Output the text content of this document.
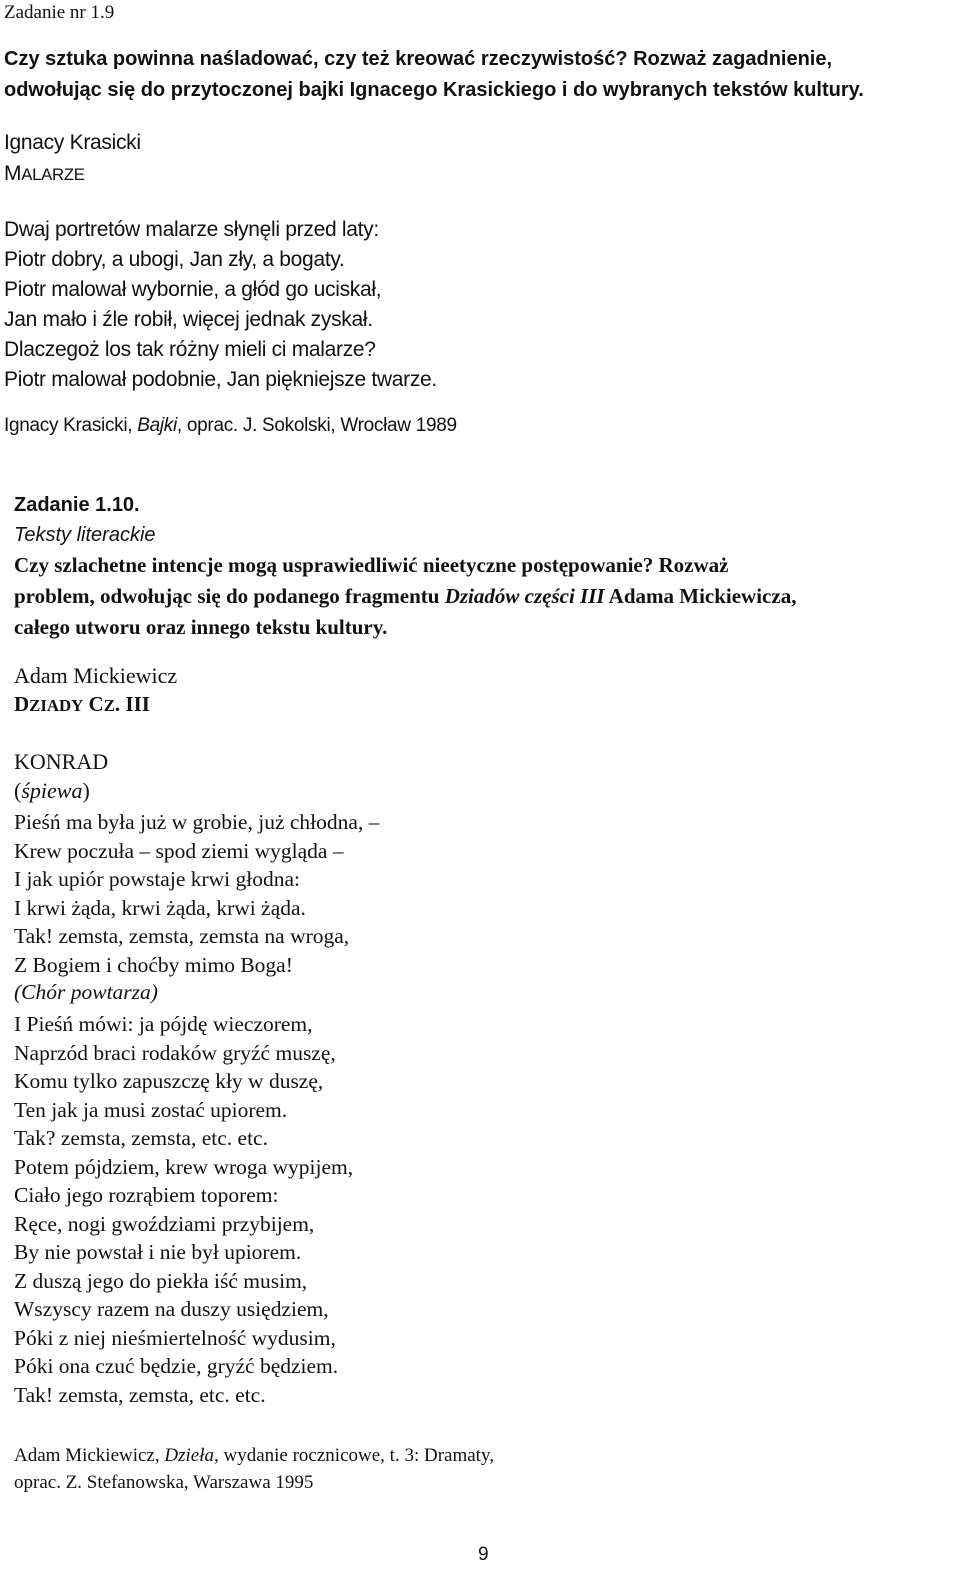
Zadanie nr 1.9
Czy sztuka powinna naśladować, czy też kreować rzeczywistość? Rozważ zagadnienie,
odwołując się do przytoczonej bajki Ignacego Krasickiego i do wybranych tekstów kultury.
Ignacy Krasicki
MALARZE
Dwaj portretów malarze słynęli przed laty:
Piotr dobry, a ubogi, Jan zły, a bogaty.
Piotr malował wybornie, a głód go uciskał,
Jan mało i źle robił, więcej jednak zyskał.
Dlaczegoż los tak różny mieli ci malarze?
Piotr malował podobnie, Jan piękniejsze twarze.
Ignacy Krasicki, Bajki, oprac. J. Sokolski, Wrocław 1989
Zadanie 1.10.
Teksty literackie
Czy szlachetne intencje mogą usprawiedliwić nieetyczne postępowanie? Rozważ
problem, odwołując się do podanego fragmentu Dziadów części III Adama Mickiewicza,
całego utworu oraz innego tekstu kultury.
Adam Mickiewicz
DZIADY CZ. III
KONRAD
(śpiewa)
Pieśń ma była już w grobie, już chłodna, –
Krew poczuła – spod ziemi wygląda –
I jak upiór powstaje krwi głodna:
I krwi żąda, krwi żąda, krwi żąda.
Tak! zemsta, zemsta, zemsta na wroga,
Z Bogiem i choćby mimo Boga!
(Chór powtarza)
I Pieśń mówi: ja pójdę wieczorem,
Naprzód braci rodaków gryźć muszę,
Komu tylko zapuszczę kły w duszę,
Ten jak ja musi zostać upiorem.
Tak? zemsta, zemsta, etc. etc.
Potem pójdziem, krew wroga wypijem,
Ciało jego rozrąbiem toporem:
Ręce, nogi gwoździami przybijem,
By nie powstał i nie był upiorem.
Z duszą jego do piekła iść musim,
Wszyscy razem na duszy usiędziem,
Póki z niej nieśmiertelność wydusim,
Póki ona czuć będzie, gryźć będziem.
Tak! zemsta, zemsta, etc. etc.
Adam Mickiewicz, Dzieła, wydanie rocznicowe, t. 3: Dramaty,
oprac. Z. Stefanowska, Warszawa 1995
9
